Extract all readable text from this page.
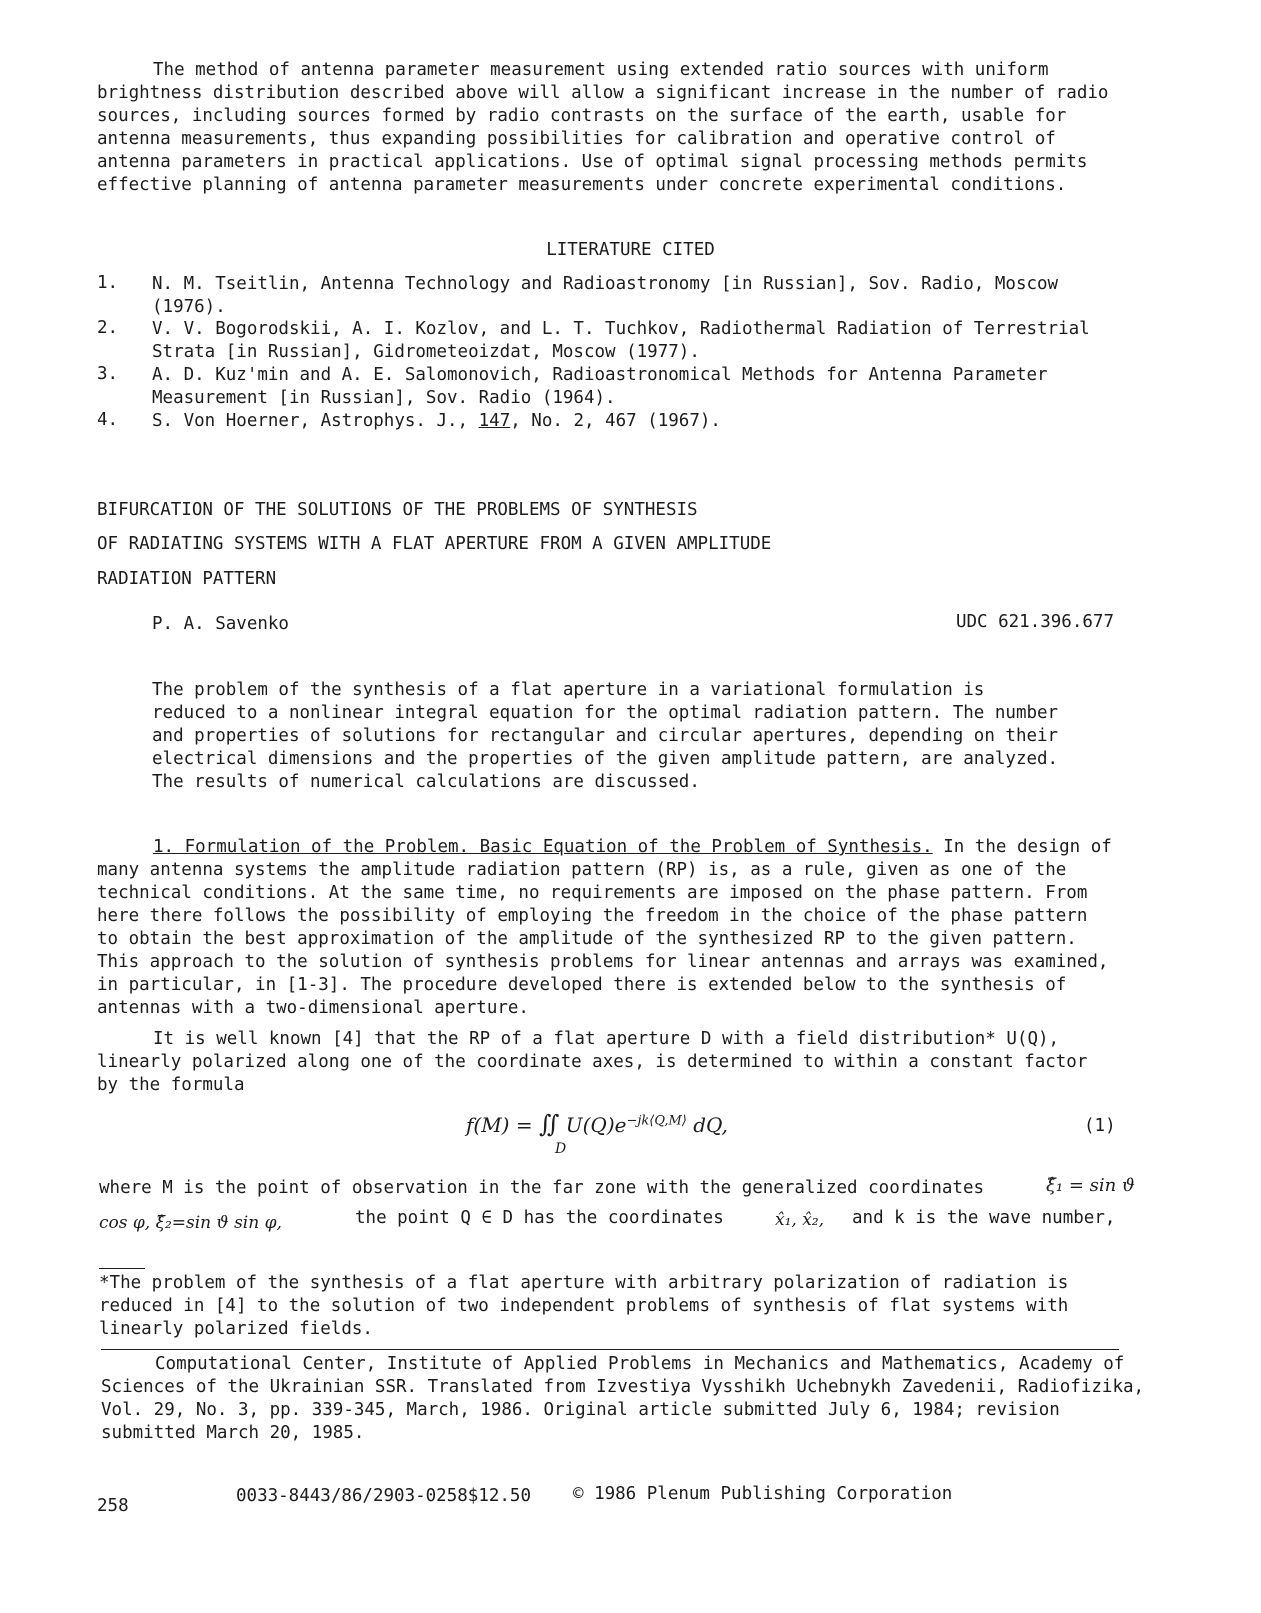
The method of antenna parameter measurement using extended ratio sources with uniform brightness distribution described above will allow a significant increase in the number of radio sources, including sources formed by radio contrasts on the surface of the earth, usable for antenna measurements, thus expanding possibilities for calibration and operative control of antenna parameters in practical applications. Use of optimal signal processing methods permits effective planning of antenna parameter measurements under concrete experimental conditions.
LITERATURE CITED
1. N. M. Tseitlin, Antenna Technology and Radioastronomy [in Russian], Sov. Radio, Moscow (1976).
2. V. V. Bogorodskii, A. I. Kozlov, and L. T. Tuchkov, Radiothermal Radiation of Terrestrial Strata [in Russian], Gidrometeoizdat, Moscow (1977).
3. A. D. Kuz'min and A. E. Salomonovich, Radioastronomical Methods for Antenna Parameter Measurement [in Russian], Sov. Radio (1964).
4. S. Von Hoerner, Astrophys. J., 147, No. 2, 467 (1967).
BIFURCATION OF THE SOLUTIONS OF THE PROBLEMS OF SYNTHESIS
OF RADIATING SYSTEMS WITH A FLAT APERTURE FROM A GIVEN AMPLITUDE
RADIATION PATTERN
P. A. Savenko	UDC 621.396.677
The problem of the synthesis of a flat aperture in a variational formulation is reduced to a nonlinear integral equation for the optimal radiation pattern. The number and properties of solutions for rectangular and circular apertures, depending on their electrical dimensions and the properties of the given amplitude pattern, are analyzed. The results of numerical calculations are discussed.
1. Formulation of the Problem. Basic Equation of the Problem of Synthesis. In the design of many antenna systems the amplitude radiation pattern (RP) is, as a rule, given as one of the technical conditions. At the same time, no requirements are imposed on the phase pattern. From here there follows the possibility of employing the freedom in the choice of the phase pattern to obtain the best approximation of the amplitude of the synthesized RP to the given pattern. This approach to the solution of synthesis problems for linear antennas and arrays was examined, in particular, in [1-3]. The procedure developed there is extended below to the synthesis of antennas with a two-dimensional aperture.
It is well known [4] that the RP of a flat aperture D with a field distribution* U(Q), linearly polarized along one of the coordinate axes, is determined to within a constant factor by the formula
f(M) = ∬ $U(Q)e^{-jk⟨Q,M⟩}$ dQ,
D
(1)
where M is the point of observation in the far zone with the generalized coordinates	ξ̂₁ = sin ϑ
cos φ, ξ̂₂=sin ϑ sin φ,	the point Q ∈ D has the coordinates	x̂₁, x̂₂, and k is the wave number,
*The problem of the synthesis of a flat aperture with arbitrary polarization of radiation is reduced in [4] to the solution of two independent problems of synthesis of flat systems with linearly polarized fields.
Computational Center, Institute of Applied Problems in Mechanics and Mathematics, Academy of Sciences of the Ukrainian SSR. Translated from Izvestiya Vysshikh Uchebnykh Zavedenii, Radiofizika, Vol. 29, No. 3, pp. 339-345, March, 1986. Original article submitted July 6, 1984; revision submitted March 20, 1985.
258	0033-8443/86/2903-0258$12.50 © 1986 Plenum Publishing Corporation
